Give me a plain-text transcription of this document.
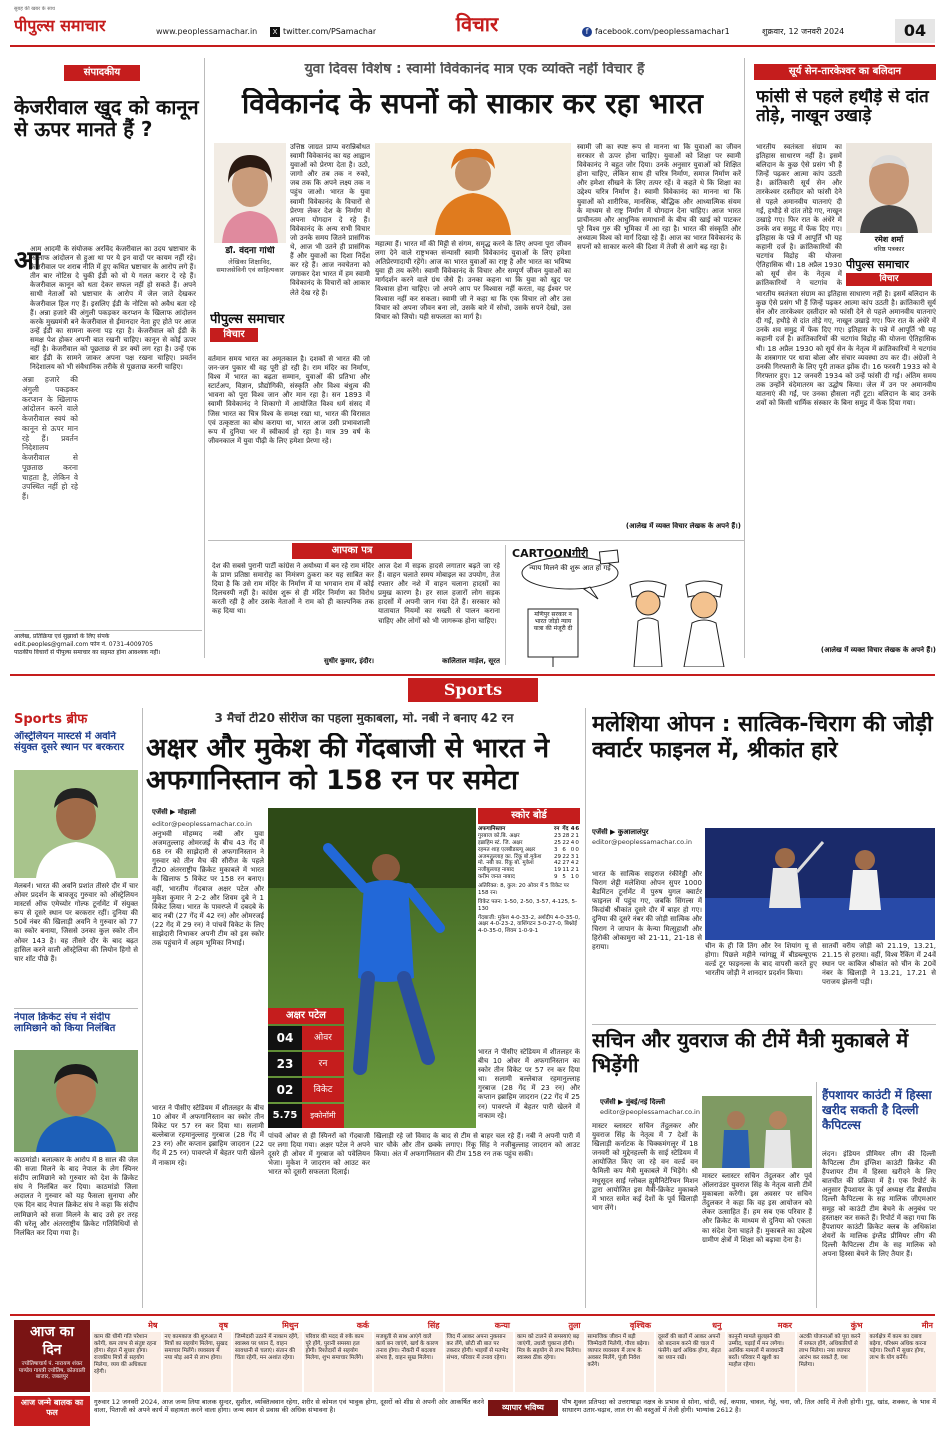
पीपुल्स समाचार
सुबह की खबर के साथ
www.peoplessamachar.in	X twitter.com/PSamachar	विचार	f facebook.com/peoplessamachar1	शुक्रवार, 12 जनवरी 2024	04
संपादकीय
केजरीवाल खुद को कानून से ऊपर मानते हैं ?
आम आदमी के संयोजक अरविंद केजरीवाल का उदय भ्रष्टाचार के खिलाफ आंदोलन से हुआ था पर ये इन वादों पर कायम नहीं रहे। केजरीवाल पर शराब नीति में हुए कथित भ्रष्टाचार के आरोप लगे हैं। तीन बार नोटिस दे चुकी ईडी को वो ये गलत करार दे रहे हैं। केजरीवाल कानून को धता देकर सफल नहीं हो सकते हैं। अपने साथी नेताओं को भ्रष्टाचार के आरोप में जेल जाते देखकर केजरीवाल हिल गए हैं। इसलिए ईडी के नोटिस को अवैध बता रहे हैं। अन्ना हजारे की अंगुली पकड़कर करप्शन के खिलाफ आंदोलन करके मुख्यमंत्री बने केजरीवाल से ईमानदार नेता हुए होते पर आज उन्हें ईडी का सामना करना पड़ रहा है। केजरीवाल को ईडी के समक्ष पेश होकर अपनी बात रखनी चाहिए। कानून से कोई ऊपर नहीं है। केजरीवाल को पूछताछ से डर क्यों लग रहा है। उन्हें एक बार ईडी के सामने जाकर अपना पक्ष रखना चाहिए। प्रवर्तन निदेशालय को भी संवैधानिक तरीके से पूछताछ करनी चाहिए।
आ
अन्ना हजारे की अंगुली पकड़कर करप्शन के खिलाफ आंदोलन करने वाले केजरीवाल स्वयं को कानून से ऊपर मान रहे हैं। प्रवर्तन निदेशालय केजरीवाल से पूछताछ करना चाहता है, लेकिन वे उपस्थित नहीं हो रहे हैं।
आलेख, प्रतिक्रिया एवं सुझावों के लिए संपर्क
edit.peoples@gmail.com फोन नं. 0731-4009705
पाठकीय विचारों से पीपुल्स समाचार का सहमत होना आवश्यक नहीं।
युवा दिवस विशेष : स्वामी विवेकानंद मात्र एक व्यक्ति नहीं विचार हैं
विवेकानंद के सपनों को साकार कर रहा भारत
डॉ. वंदना गांधी
लेखिका शिक्षाविद, समाजसेविनी एवं साहित्यकार
पीपुल्स समाचार
विचार
उत्तिष्ठ जाग्रत प्राप्य वरान्निबोधत स्वामी विवेकानंद का यह आह्वान युवाओं को प्रेरणा देता है। उठो, जागो और तब तक न रुको, जब तक कि अपने लक्ष्य तक न पहुंच जाओ। भारत के युवा स्वामी विवेकानंद के विचारों से प्रेरणा लेकर देश के निर्माण में अपना योगदान दे रहे हैं। विवेकानंद के अन्य सभी विचार जो उनके समय जितने प्रासंगिक थे, आज भी उतने ही प्रासंगिक हैं और युवाओं का दिशा निर्देश कर रहे हैं। आज नवचेतना को जगाकर देश भारत में हम स्वामी विवेकानंद के विचारों को आकार लेते देख रहे हैं।
वर्तमान समय भारत का अमृतकाल है। दशकों से भारत की जो जन-जन पुकार थी वह पूरी हो रही है। राम मंदिर का निर्माण, विश्व में भारत का बढ़ता सम्मान, युवाओं की प्रतिभा और स्टार्टअप, विज्ञान, प्रौद्योगिकी, संस्कृति और विश्व बंधुत्व की भावना को पूरा विश्व जान और मान रहा है। सन 1893 में स्वामी विवेकानंद ने शिकागो में आयोजित विश्व धर्म संसद में जिस भारत का चित्र विश्व के समक्ष रखा था, भारत की विरासत एवं उत्कृष्टता का बोध कराया था, भारत आज उसी प्रभावशाली रूप में दुनिया भर में स्वीकार्य हो रहा है। मात्र 39 वर्ष के जीवनकाल में युवा पीढ़ी के लिए हमेशा प्रेरणा रहे।
महात्मा हैं। भारत माँ की मिट्टी से संगम, समृद्ध करने के लिए अपना पूरा जीवन लगा देने वाले राष्ट्रभक्त संन्यासी स्वामी विवेकानंद युवाओं के लिए हमेशा अतिप्रेरणादायी रहेंगे। आज का भारत युवाओं का राष्ट्र है और भारत का भविष्य युवा ही तय करेंगे। स्वामी विवेकानंद के विचार और सम्पूर्ण जीवन युवाओं का मार्गदर्शन करने वाले ग्रंथ जैसे हैं। उनका कहना था कि युवा को खुद पर विश्वास होना चाहिए। जो अपने आप पर विश्वास नहीं करता, वह ईश्वर पर विश्वास नहीं कर सकता। स्वामी जी ने कहा था कि एक विचार लो और उस विचार को अपना जीवन बना लो, उसके बारे में सोचो, उसके सपने देखो, उस विचार को जियो। यही सफलता का मार्ग है।
स्वामी जी का स्पष्ट रूप से मानना था कि युवाओं का जीवन सरकार से ऊपर होना चाहिए। युवाओं को शिक्षा पर स्वामी विवेकानंद ने बहुत जोर दिया। उनके अनुसार युवाओं को शिक्षित होना चाहिए, लेकिन साथ ही चरित्र निर्माण, समाज निर्माण करें और हमेशा सीखने के लिए तत्पर रहें। वे कहते थे कि शिक्षा का उद्देश्य चरित्र निर्माण है। स्वामी विवेकानंद का मानना था कि युवाओं को शारीरिक, मानसिक, बौद्धिक और आध्यात्मिक संयम के माध्यम से राष्ट्र निर्माण में योगदान देना चाहिए। आज भारत प्राचीनतम और आधुनिक समाधानों के बीच की खाई को पाटकर पूरे विश्व गुरु की भूमिका में आ रहा है। भारत की संस्कृति और अध्यात्म विश्व को मार्ग दिखा रहे हैं। आज का भारत विवेकानंद के सपनों को साकार करने की दिशा में तेजी से आगे बढ़ रहा है।
(आलेख में व्यक्त विचार लेखक के अपने हैं।)
सूर्य सेन-तारकेश्वर का बलिदान
फांसी से पहले हथौड़े से दांत तोड़े, नाखून उखाड़े
रमेश शर्मा
वरिष्ठ पत्रकार
पीपुल्स समाचार
विचार
भारतीय स्वतंत्रता संग्राम का इतिहास साधारण नहीं है। इसमें बलिदान के कुछ ऐसे प्रसंग भी हैं जिन्हें पढ़कर आत्मा कांप उठती है। क्रांतिकारी सूर्य सेन और तारकेश्वर दस्तीदार को फांसी देने से पहले अमानवीय यातनाएं दी गईं, हथौड़े से दांत तोड़े गए, नाखून उखाड़े गए। फिर रात के अंधेरे में उनके शव समुद्र में फेंक दिए गए। इतिहास के पन्ने में आपूर्ति भी यह कहानी दर्ज है। क्रांतिकारियों की चटगांव विद्रोह की योजना ऐतिहासिक थी। 18 अप्रैल 1930 को सूर्य सेन के नेतृत्व में क्रांतिकारियों ने चटगांव के
भारतीय स्वतंत्रता संग्राम का इतिहास साधारण नहीं है। इसमें बलिदान के कुछ ऐसे प्रसंग भी हैं जिन्हें पढ़कर आत्मा कांप उठती है। क्रांतिकारी सूर्य सेन और तारकेश्वर दस्तीदार को फांसी देने से पहले अमानवीय यातनाएं दी गईं, हथौड़े से दांत तोड़े गए, नाखून उखाड़े गए। फिर रात के अंधेरे में उनके शव समुद्र में फेंक दिए गए। इतिहास के पन्ने में आपूर्ति भी यह कहानी दर्ज है। क्रांतिकारियों की चटगांव विद्रोह की योजना ऐतिहासिक थी। 18 अप्रैल 1930 को सूर्य सेन के नेतृत्व में क्रांतिकारियों ने चटगांव के शस्त्रागार पर धावा बोला और संचार व्यवस्था ठप कर दी। अंग्रेजों ने उनकी गिरफ्तारी के लिए पूरी ताकत झोंक दी। 16 फरवरी 1933 को वे गिरफ्तार हुए। 12 जनवरी 1934 को उन्हें फांसी दी गई। अंतिम समय तक उन्होंने वंदेमातरम का उद्घोष किया। जेल में उन पर अमानवीय यातनाएं की गईं, पर उनका हौसला नहीं टूटा। बलिदान के बाद उनके शवों को किसी धार्मिक संस्कार के बिना समुद्र में फेंक दिया गया।
(आलेख में व्यक्त विचार लेखक के अपने हैं।)
आपका पत्र
देश की सबसे पुरानी पार्टी कांग्रेस ने अयोध्या में बन रहे राम मंदिर के प्राण प्रतिष्ठा समारोह का निमंत्रण ठुकरा कर यह साबित कर दिया है कि उसे राम मंदिर के निर्माण में या भगवान राम में कोई दिलचस्पी नहीं है। कांग्रेस शुरू से ही मंदिर निर्माण का विरोध करती रही है और उसके नेताओं ने राम को ही काल्पनिक तक कह दिया था।
सुधीर कुमार, इंदौर।
आज देश में सड़क हादसे लगातार बढ़ते जा रहे हैं। वाहन चलाते समय मोबाइल का उपयोग, तेज रफ्तार और नशे में वाहन चलाना हादसों का प्रमुख कारण है। हर साल हजारों लोग सड़क हादसों में अपनी जान गंवा देते हैं। सरकार को यातायात नियमों का सख्ती से पालन कराना चाहिए और लोगों को भी जागरूक होना चाहिए।
कालिताल माड़ेल, सूरत
CARTOONगीरी
न्याय मिलने की शुरू आत हो गई
मणिपुर सरकार न भारत जोड़ो न्याय यात्रा की मंजूरी दी
Sports
Sports ब्रीफ
ऑस्ट्रेलियन मास्टर्स में अवनि संयुक्त दूसरे स्थान पर बरकरार
मेलबर्न। भारत की अवनि प्रशांत तीसरे दौर में चार ओवर प्रदर्शन के बावजूद गुरुवार को ऑस्ट्रेलियन मास्टर्स ऑफ एमेच्योर गोल्फ टूर्नामेंट में संयुक्त रूप से दूसरे स्थान पर बरकरार रहीं। दुनिया की 50वें नंबर की खिलाड़ी अवनि ने गुरुवार को 77 का स्कोर बनाया, जिससे उनका कुल स्कोर तीन ओवर 143 है। वह तीसरे दौर के बाद बढ़त हासिल करने वाली ऑस्ट्रेलिया की लियोन हिगो से चार शॉट पीछे हैं।
नेपाल क्रिकेट संघ ने संदीप लामिछाने को किया निलंबित
काठमांडो। बलात्कार के आरोप में 8 साल की जेल की सजा मिलने के बाद नेपाल के लेग स्पिनर संदीप लामिछाने को गुरुवार को देश के क्रिकेट संघ ने निलंबित कर दिया। काठमांडो जिला अदालत ने गुरुवार को यह फैसला सुनाया और एक दिन बाद नेपाल क्रिकेट संघ ने कहा कि संदीप लामिछाने को सजा मिलने के बाद उसे हर तरह की घरेलू और अंतरराष्ट्रीय क्रिकेट गतिविधियों से निलंबित कर दिया गया है।
3 मैचों टी20 सीरीज का पहला मुकाबला, मो. नबी ने बनाए 42 रन
अक्षर और मुकेश की गेंदबाजी से भारत ने अफगानिस्तान को 158 रन पर समेटा
एजेंसी ▶ मोहाली
editor@peoplessamachar.co.in
अनुभवी मोहम्मद नबी और युवा अजमतुल्लाह ओमरजई के बीच 43 गेंद में 68 रन की साझेदारी से अफगानिस्तान ने गुरुवार को तीन मैच की सीरीज के पहले टी20 अंतरराष्ट्रीय क्रिकेट मुकाबले में भारत के खिलाफ 5 विकेट पर 158 रन बनाए। वहीं, भारतीय गेंदबाज अक्षर पटेल और मुकेश कुमार ने 2-2 और शिवम दुबे ने 1 विकेट लिया। भारत के पावरप्ले में दबदबे के बाद नबी (27 गेंद में 42 रन) और ओमरजई (22 गेंद में 29 रन) ने पांचवें विकेट के लिए साझेदारी निभाकर अपनी टीम को इस स्कोर तक पहुंचाने में अहम भूमिका निभाई।
अक्षर पटेल
04	ओवर
23	रन
02	विकेट
5.75	इकोनॉमी
स्कोर बोर्ड
अफगानिस्तान	रन	गेंद	4	6
गुरबाज को.बि. अक्षर	23	28	2	1
इब्राहिम स्टं. जि. अक्षर	25	22	4	0
रहमत शाह एलबीडब्ल्यू अक्षर	3	6	0	0
अजमतुल्लाह का. रिंकू बो.मुकेश	29	22	3	1
मो. नबी का. रिंकू बो. मुकेश	42	27	4	2
नजीबुल्लाह नाबाद	19	11	2	1
करीम जनत नाबाद	9	5	1	0
अतिरिक्त: 8, कुल: 20 ओवर में 5 विकेट पर 158 रन।
विकेट पतन: 1-50, 2-50, 3-57, 4-125, 5-130
गेंदबाजी: मुकेश 4-0-33-2, अर्शदीप 4-0-35-0, अक्षर 4-0-23-2, वाशिंगटन 3-0-27-0, बिश्नोई 4-0-35-0, शिवम 1-0-9-1
भारत ने पीसीए स्टेडियम में शीतलहर के बीच 10 ओवर में अफगानिस्तान का स्कोर तीन विकेट पर 57 रन कर दिया था। सलामी बल्लेबाज रहमानुल्लाह गुरबाज (28 गेंद में 23 रन) और कप्तान इब्राहिम जादरान (22 गेंद में 25 रन) पावरप्ले में बेहतर पारी खेलने में नाकाम रहे।
पांचवें ओवर से ही स्पिनरों को गेंदबाजी पर लगा दिया गया। अक्षर पटेल ने अपने दूसरे ही ओवर में गुरबाज को पवेलियन भेजा। मुकेश ने जादरान को आउट कर भारत को दूसरी सफलता दिलाई।
खिलाड़ी रहे जो विवाद के बाद से टीम से बाहर चल रहे हैं। नबी ने अपनी पारी में चार चौके और तीन छक्के लगाए। रिंकू सिंह ने नजीबुल्लाह जादरान को आउट किया। अंत में अफगानिस्तान की टीम 158 रन तक पहुंच सकी।
भारत ने पीसीए स्टेडियम में शीतलहर के बीच 10 ओवर में अफगानिस्तान का स्कोर तीन विकेट पर 57 रन कर दिया था। सलामी बल्लेबाज रहमानुल्लाह गुरबाज (28 गेंद में 23 रन) और कप्तान इब्राहिम जादरान (22 गेंद में 25 रन) पावरप्ले में बेहतर पारी खेलने में नाकाम रहे।
मलेशिया ओपन : सात्विक-चिराग की जोड़ी क्वार्टर फाइनल में, श्रीकांत हारे
एजेंसी ▶ कुआलालंपुर
editor@peoplessamachar.co.in
भारत के सात्विक साइराज रंकीरेड्डी और चिराग शेट्टी मलेशिया ओपन सुपर 1000 बैडमिंटन टूर्नामेंट में पुरुष युगल क्वार्टर फाइनल में पहुंच गए, जबकि सिंगल्स में किदांबी श्रीकांत दूसरे दौर में बाहर हो गए। दुनिया की दूसरे नंबर की जोड़ी सात्विक और चिराग ने जापान के केन्या मित्सुहाशी और हिरोकी ओकामुरा को 21-11, 21-18 से हराया।	चीन के ही जि तिंग और रेन शियांग यू से होगा। पिछले महीने ग्वांगझू में बीडब्ल्यूएफ वर्ल्ड टूर फाइनल्स के बाद वापसी करते हुए भारतीय जोड़ी ने शानदार प्रदर्शन किया।
सातवीं वरीय जोड़ी को 21.19, 13.21, 21.15 से हराया। वहीं, विश्व रैंकिंग में 24वें स्थान पर काबिज श्रीकांत को चीन के 20वें नंबर के खिलाड़ी ने 13.21, 17.21 से पराजय झेलनी पड़ी।
सचिन और युवराज की टीमें मैत्री मुकाबले में भिड़ेंगी
एजेंसी ▶ मुंबई/नई दिल्ली
editor@peoplessamachar.co.in
मास्टर ब्लास्टर सचिन तेंदुलकर और युवराज सिंह के नेतृत्व में 7 देशों के खिलाड़ी कर्नाटक के चिक्कमंगलूर में 18 जनवरी को मुद्देनहल्ली के साई स्टेडियम में आयोजित किए जा रहे वन वर्ल्ड वन फैमिली कप मैत्री मुकाबले में भिड़ेंगे। श्री मधुसूदन साई ग्लोबल ह्यूमैनिटेरियन मिशन द्वारा आयोजित इस मैत्री-क्रिकेट मुकाबले में भारत समेत कई देशों के पूर्व खिलाड़ी भाग लेंगे।
मास्टर ब्लास्टर सचिन तेंदुलकर और पूर्व ऑलराउंडर युवराज सिंह के नेतृत्व वाली टीमें मुकाबला करेंगी। इस अवसर पर सचिन तेंदुलकर ने कहा कि वह इस आयोजन को लेकर उत्साहित हैं। हम सब एक परिवार हैं और क्रिकेट के माध्यम से दुनिया को एकता का संदेश देना चाहते हैं। मुकाबले का उद्देश्य ग्रामीण क्षेत्रों में शिक्षा को बढ़ावा देना है।
हैंपशायर काउंटी में हिस्सा खरीद सकती है दिल्ली कैपिटल्स
लंदन। इंडियन प्रीमियर लीग की दिल्ली कैपिटल्स टीम इंग्लिश काउंटी क्रिकेट की हैंपशायर टीम में हिस्सा खरीदने के लिए बातचीत की प्रक्रिया में है। एक रिपोर्ट के अनुसार हैंपशायर के पूर्व अध्यक्ष रॉड ब्रैंसग्रोव दिल्ली कैपिटल्स के सह मालिक जीएमआर समूह को काउंटी टीम बेचने के अनुबंध पर हस्ताक्षर कर सकते हैं। रिपोर्ट में कहा गया कि हैंपशायर काउंटी क्रिकेट क्लब के अधिकांश शेयरों के मालिक इंग्लैंड प्रीमियर लीग की दिल्ली कैपिटल्स टीम के सह मालिक को अपना हिस्सा बेचने के लिए तैयार हैं।
आज का
दिन
ज्योतिषाचार्य पं. नारायण शंकर पाण्डेय गायत्री ज्योतिष, कोतवाली बाजार, जबलपुर
आज जन्मे बालक का फल
मेष
काम की धीमी गति परेशान करेगी, कम लाभ से संतुष्ट रहना होगा। सेहत में सुधार होगा। राजकीय मित्रों से सहयोग मिलेगा, व्यय की अधिकता रहेगी।
वृष
नए कामकाज की शुरुआत में मित्रों का सहयोग मिलेगा, सुखद समाचार मिलेंगे। व्यवसाय में नया मोड़ आने से लाभ होगा।
मिथुन
जिम्मेदारी उठाने में नाकाम रहेंगे, स्वास्थ्य पर ध्यान दें, वाहन सावधानी से चलाएं। संतान की चिंता रहेगी, मन अशांत रहेगा।
कर्क
परिवार की मदद से रुके काम पूरे होंगे, पुरानी समस्या हल होगी। रिश्तेदारों से सहयोग मिलेगा, शुभ समाचार मिलेंगे।
सिंह
मजबूती से साथ आएंगे वाले कार्य बन जाएंगे, खर्च के कारण तनाव होगा। नौकरी में बदलाव संभव है, वाहन सुख मिलेगा।
कन्या
जिद में आकर अपना नुकसान कर लेंगे, छोटी सी बात पर तकरार होगी। भाइयों से मतभेद संभव, परिवार में तनाव रहेगा।
तुला
काम को टालने से समस्याएं बढ़ जाएंगी, उधारी चुकाना होगी। मित्र के सहयोग से लाभ मिलेगा। स्वास्थ्य ठीक रहेगा।
वृश्चिक
सामाजिक जीवन में बड़ी जिम्मेदारी मिलेगी, गौरव बढ़ेगा। व्यापार व्यवसाय में लाभ के अवसर मिलेंगे, पूंजी निवेश करेंगे।
धनु
दूसरों की बातों में आकर अपनों को बदनाम करने की चाल में फंसेंगे। खर्च अधिक होगा, सेहत का ध्यान रखें।
मकर
कानूनी मामले सुलझने की उम्मीद, पढ़ाई में मन लगेगा। आर्थिक मामलों में सावधानी बरतें। परिवार में खुशी का माहौल रहेगा।
कुंभ
अटकी योजनाओं को पूरा करने में सफल होंगे, अधिकारियों से लाभ मिलेगा। नया व्यापार आरंभ कर सकते हैं, यश मिलेगा।
मीन
कार्यक्षेत्र में काम का दबाव बढ़ेगा, परिश्रम अधिक करना पड़ेगा। रिश्तों में सुधार होगा, लाभ के योग बनेंगे।
गुरुवार 12 जनवरी 2024, आज जन्म लिया बालक सुन्दर, सुशील, व्यक्तित्ववान रहेगा, शरीर से कोमल एवं भावुक होगा, दूसरों को शीघ्र से अपनी ओर आकर्षित करने वाला, पिताजी को अपने कार्य में सहायता करने वाला होगा। जन्म स्थान से प्रवास की अधिक संभावना है।	व्यापार भविष्य
पौष शुक्ल प्रतिपदा को उत्तराषाढ़ा नक्षत्र के प्रभाव से सोना, चांदी, रुई, कपास, चावल, गेहूं, चना, जौ, तिल आदि में तेजी होगी। गुड़, खांड, शक्कर, के भाव में साधारण उतार-चढ़ाव, लाल रंग की वस्तुओं में तेजी होगी। भाग्यांक 2612 है।
